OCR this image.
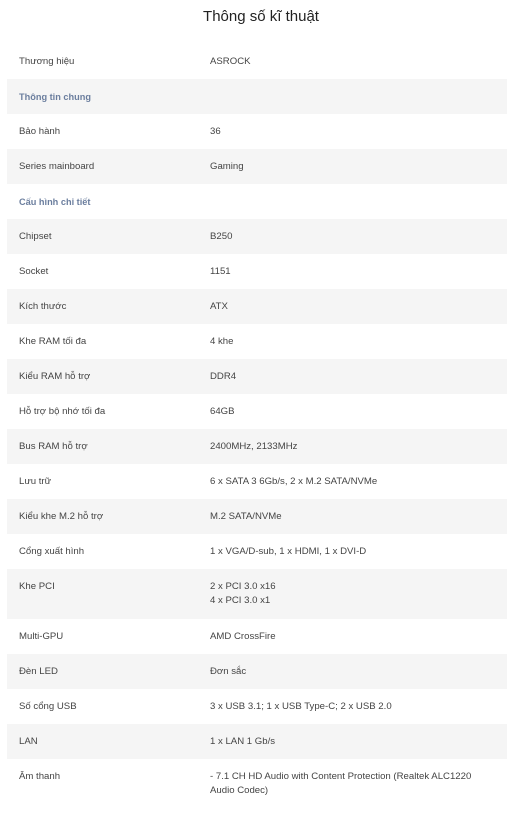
Thông số kĩ thuật
Thương hiệu	ASROCK
Thông tin chung
Bảo hành	36
Series mainboard	Gaming
Cấu hình chi tiết
Chipset	B250
Socket	1151
Kích thước	ATX
Khe RAM tối đa	4 khe
Kiểu RAM hỗ trợ	DDR4
Hỗ trợ bộ nhớ tối đa	64GB
Bus RAM hỗ trợ	2400MHz, 2133MHz
Lưu trữ	6 x SATA 3 6Gb/s, 2 x M.2 SATA/NVMe
Kiểu khe M.2 hỗ trợ	M.2 SATA/NVMe
Cổng xuất hình	1 x VGA/D-sub, 1 x HDMI, 1 x DVI-D
Khe PCI	2 x PCI 3.0 x16
4 x PCI 3.0 x1
Multi-GPU	AMD CrossFire
Đèn LED	Đơn sắc
Số cổng USB	3 x USB 3.1; 1 x USB Type-C; 2 x USB 2.0
LAN	1 x LAN 1 Gb/s
Âm thanh	- 7.1 CH HD Audio with Content Protection (Realtek ALC1220
Audio Codec)
